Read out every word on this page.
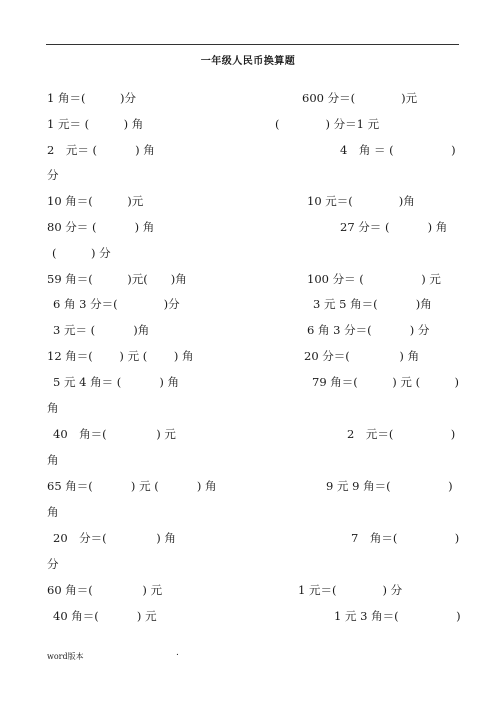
一年级人民币换算题
1 角＝(　　　)分
1 元＝ (　　　) 角
2　元＝ (　　　 ) 角
分
10 角＝(　　　)元
80 分＝ (　　　 ) 角
(　　　) 分
59 角＝(　　　)元(　　)角
6 角 3 分＝(　　　　)分
3 元＝ (　　　 )角
12 角＝(　　 ) 元 (　　 ) 角
5 元 4 角＝ (　　　 ) 角
角
40　角＝(　　　　 ) 元
角
65 角＝(　　　 ) 元 (　　　 ) 角
角
20　分＝(　　　　 ) 角
分
60 角＝(　　　　 ) 元
40 角＝(　　　 ) 元
600 分＝(　　　　)元
(　　　　) 分＝1 元
4　角 ＝ (　　　　　)
10 元＝(　　　　)角
27 分＝ (　　　 ) 角
100 分＝ (　　　　　) 元
3 元 5 角＝(　　　 )角
6 角 3 分＝(　　　 ) 分
20 分＝(　　　　 ) 角
79 角＝(　　　) 元 (　　　)
2　元＝(　　　　　)
9 元 9 角＝(　　　　　)
7　角＝(　　　　　)
1 元＝(　　　　) 分
1 元 3 角＝(　　　　　)
word版本	.
